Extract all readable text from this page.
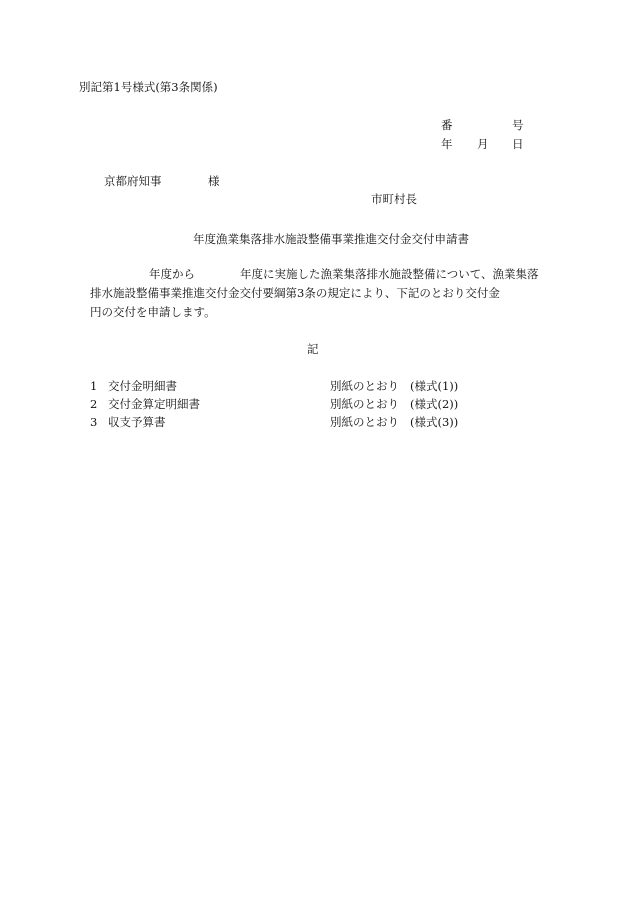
別記第1号様式(第3条関係)
番	号
年 月 日
京都府知事	様
市町村長
年度漁業集落排水施設整備事業推進交付金交付申請書
年度から	年度に実施した漁業集落排水施設整備について、漁業集落
排水施設整備事業推進交付金交付要綱第3条の規定により、下記のとおり交付金
円の交付を申請します。
記
1 交付金明細書	別紙のとおり (様式(1))
2 交付金算定明細書	別紙のとおり (様式(2))
3 収支予算書	別紙のとおり (様式(3))
